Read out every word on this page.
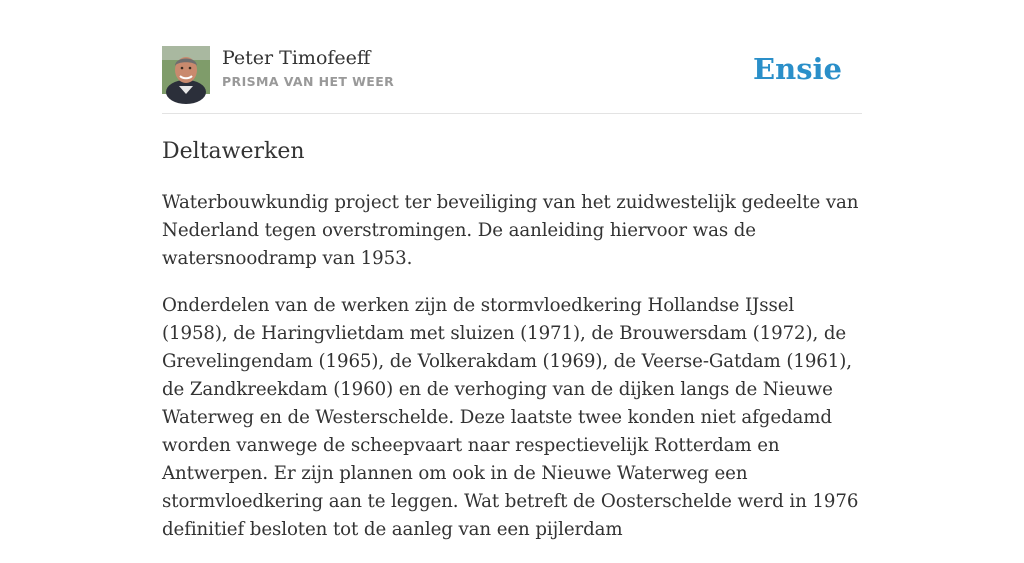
Peter Timofeeff
PRISMA VAN HET WEER	Ensie
Deltawerken

Waterbouwkundig project ter beveiliging van het zuidwestelijk gedeelte van Nederland tegen overstromingen. De aanleiding hiervoor was de watersnoodramp van 1953.

Onderdelen van de werken zijn de stormvloedkering Hollandse IJssel (1958), de Haringvlietdam met sluizen (1971), de Brouwersdam (1972), de Grevelingendam (1965), de Volkerakdam (1969), de Veerse-Gatdam (1961), de Zandkreekdam (1960) en de verhoging van de dijken langs de Nieuwe Waterweg en de Westerschelde. Deze laatste twee konden niet afgedamd worden vanwege de scheepvaart naar respectievelijk Rotterdam en Antwerpen. Er zijn plannen om ook in de Nieuwe Waterweg een stormvloedkering aan te leggen. Wat betreft de Oosterschelde werd in 1976 definitief besloten tot de aanleg van een pijlerdam
